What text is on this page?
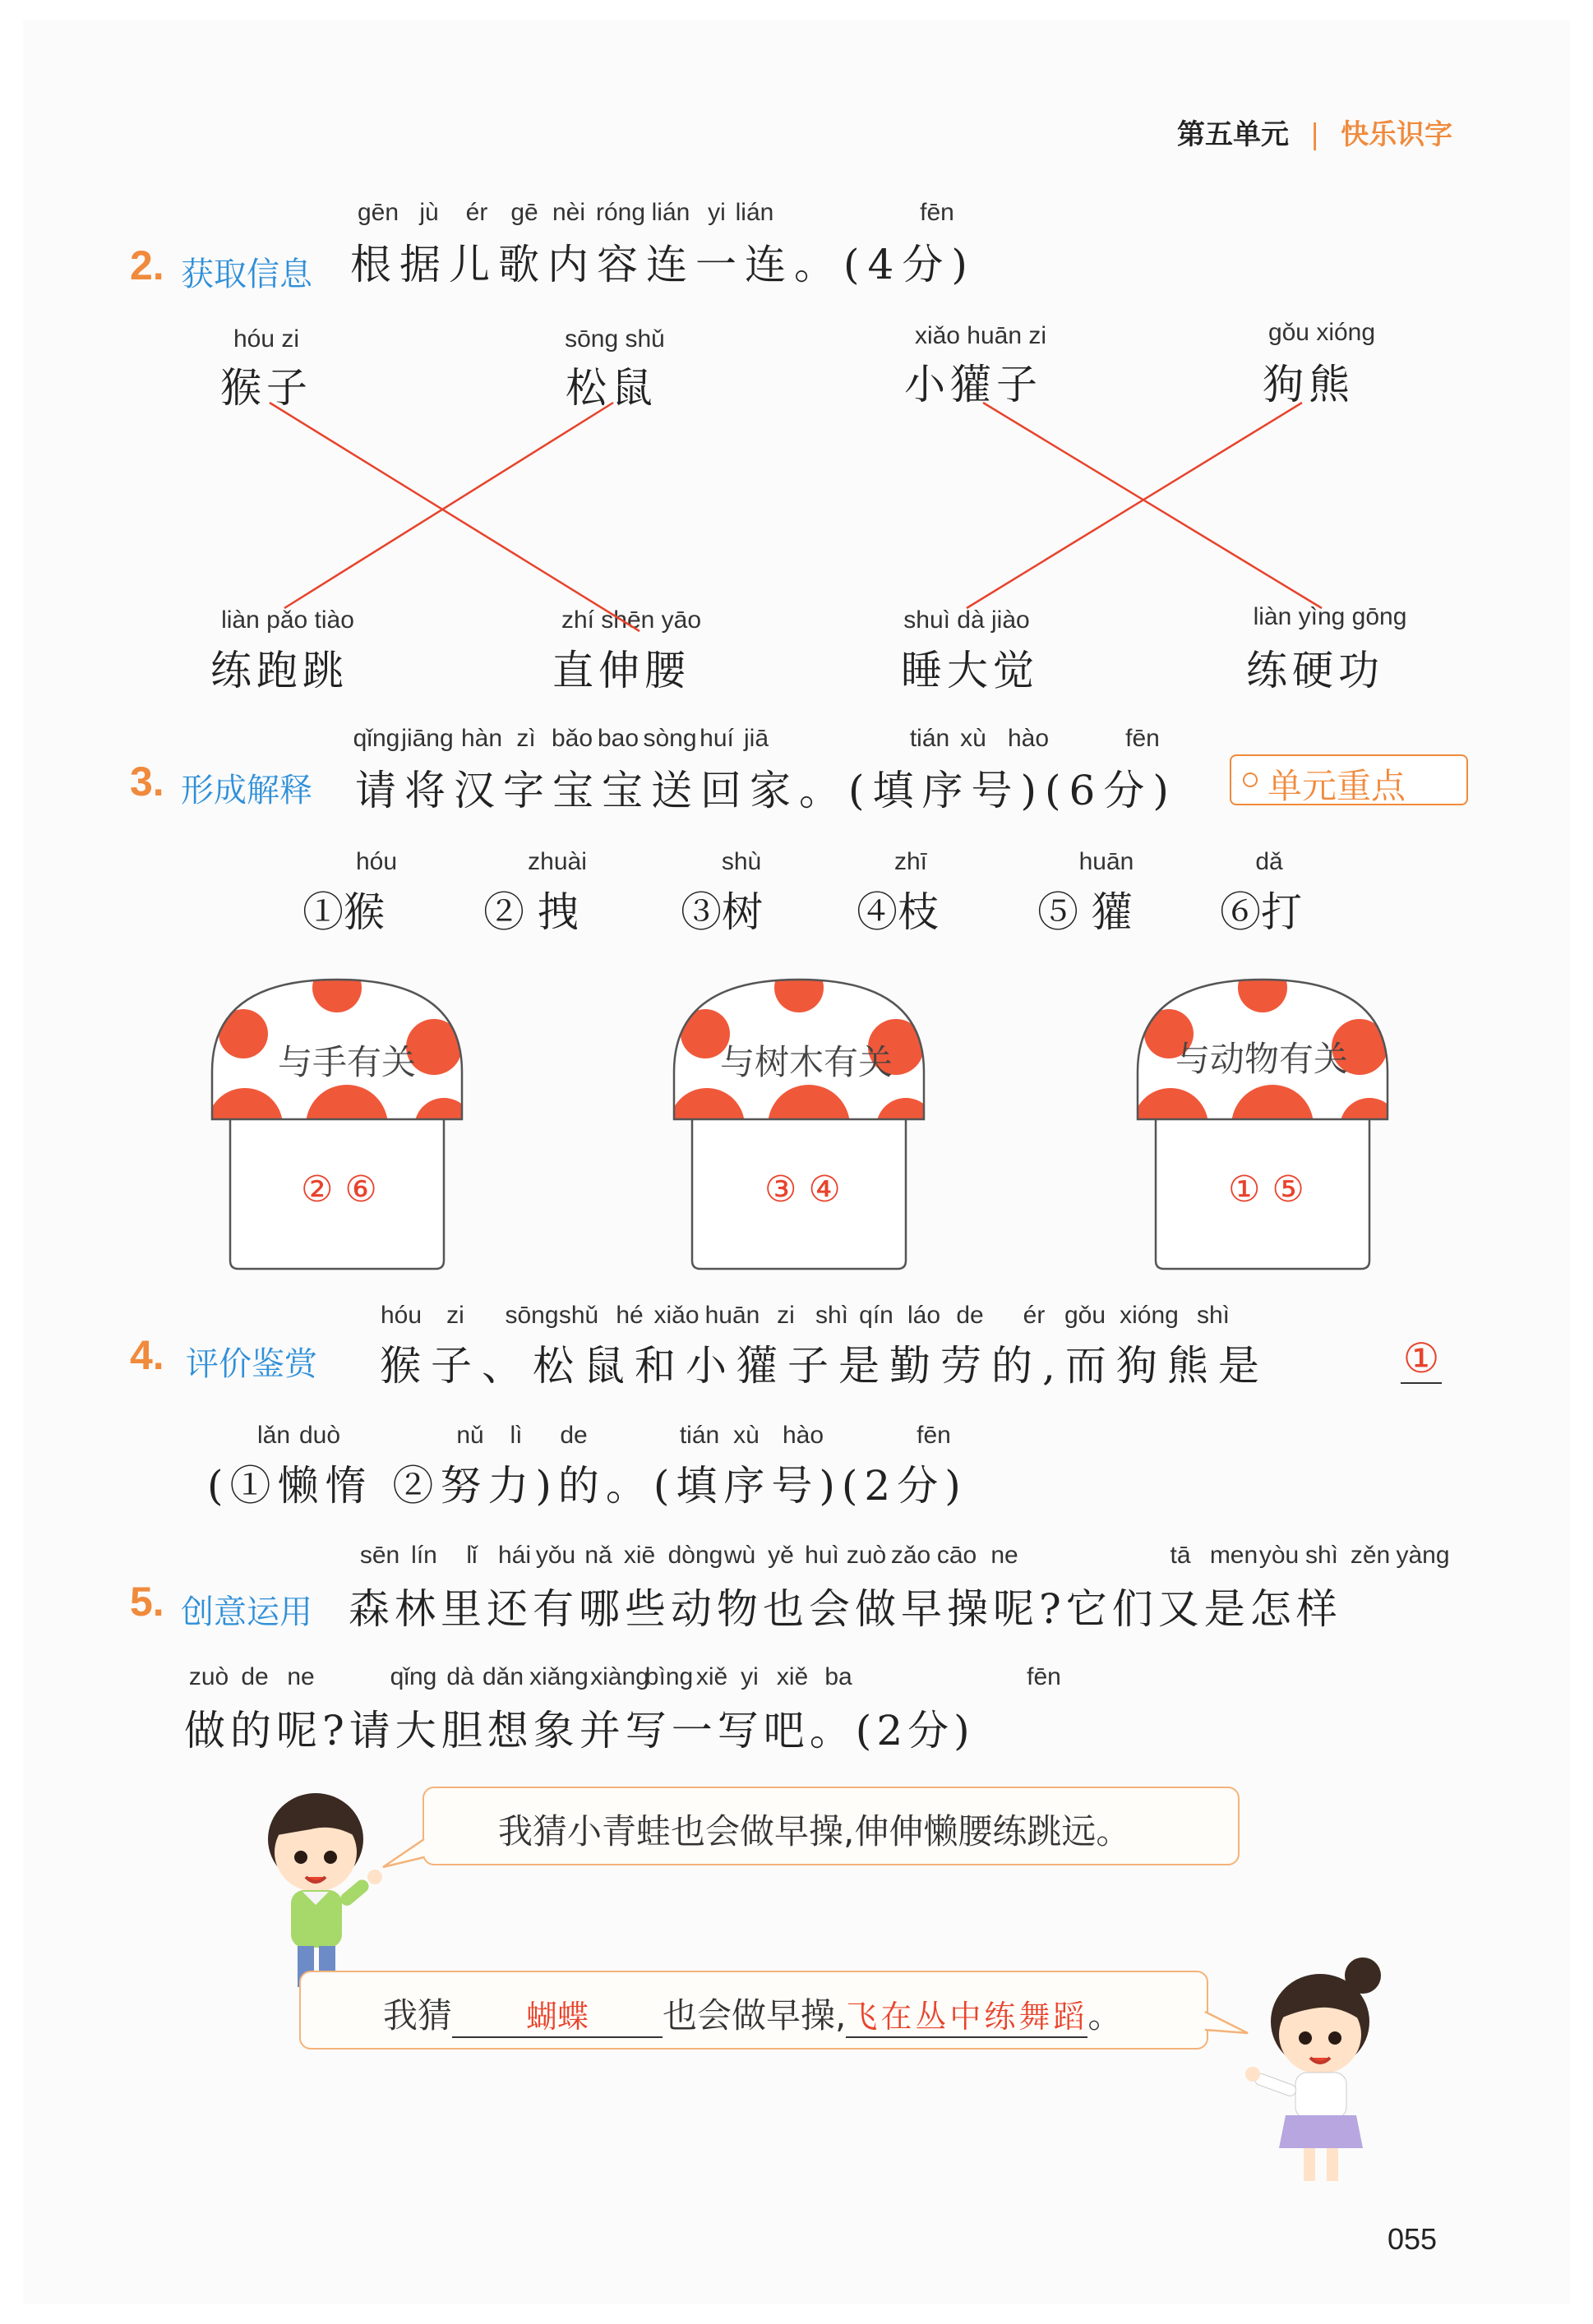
第五单元 | 快乐识字
2. 获取信息
gēn jù	ér gē nèi róng lián yi lián	fēn
根据儿歌内容连一连。(4分)
hóu zi
猴子
sōng shǔ
松鼠
xiǎo huān zi
小獾子
gǒu xióng
狗熊
liàn pǎo tiào
练跑跳
zhí shēn yāo
直伸腰
shuì dà jiào
睡大觉
liàn yìng gōng
练硬功
3. 形成解释
qǐng jiāng hàn zì bǎo bao sòng huí jiā	tián xù hào	fēn
请将汉字宝宝送回家。(填序号)(6分)	单元重点
hóu
①猴
zhuài
② 拽
shù
③树
zhī
④枝
huān
⑤ 獾
dǎ
⑥打
与手有关	与树木有关	与动物有关
② ⑥	③ ④	① ⑤
4. 评价鉴赏
hóu	zi	sōng shǔ hé xiǎo huān zi shì qín láo de	ér gǒu xióng shì
猴子、松鼠和小獾子是勤劳的,而狗熊是	①
lǎn duò	nǔ	lì	de	tián xù hào	fēn
(①懒惰 ②努力)的。(填序号)(2分)
5. 创意运用
sēn lín	lǐ hái yǒu nǎ xiē dòng wù yě huì zuò zǎo cāo ne	tā men yòu shì zěn yàng
森林里还有哪些动物也会做早操呢?它们又是怎样
zuò de ne	qǐng dà dǎn xiǎng xiàng
bìng xiě yi xiě ba	fēn
做的呢?请大胆想象并写一写吧。(2分)
我猜小青蛙也会做早操,伸伸懒腰练跳远。
我猜 蝴蝶 也会做早操,飞在丛中练舞蹈。
055
